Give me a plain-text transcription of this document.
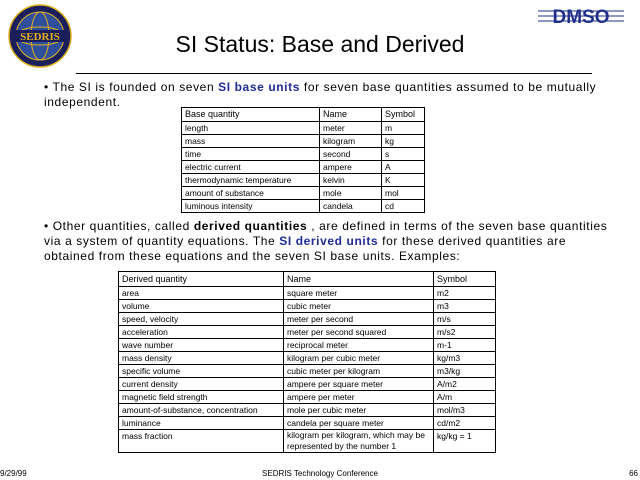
SEDRIS
DMSO
SI Status: Base and Derived

• The SI is founded on seven SI base units for seven base quantities assumed to be mutually independent.

Base quantity	Name	Symbol
length	meter	m
mass	kilogram	kg
time	second	s
electric current	ampere	A
thermodynamic temperature	kelvin	K
amount of substance	mole	mol
luminous intensity	candela	cd

• Other quantities, called derived quantities , are defined in terms of the seven base quantities via a system of quantity equations. The SI derived units for these derived quantities are obtained from these equations and the seven SI base units. Examples:

Derived quantity	Name	Symbol
area	square meter	m2
volume	cubic meter	m3
speed, velocity	meter per second	m/s
acceleration	meter per second squared	m/s2
wave number	reciprocal meter	m-1
mass density	kilogram per cubic meter	kg/m3
specific volume	cubic meter per kilogram	m3/kg
current density	ampere per square meter	A/m2
magnetic field strength	ampere per meter	A/m
amount-of-substance, concentration	mole per cubic meter	mol/m3
luminance	candela per square meter	cd/m2
mass fraction	kilogram per kilogram, which may be represented by the number 1	kg/kg = 1
9/29/99	SEDRIS Technology Conference	66
